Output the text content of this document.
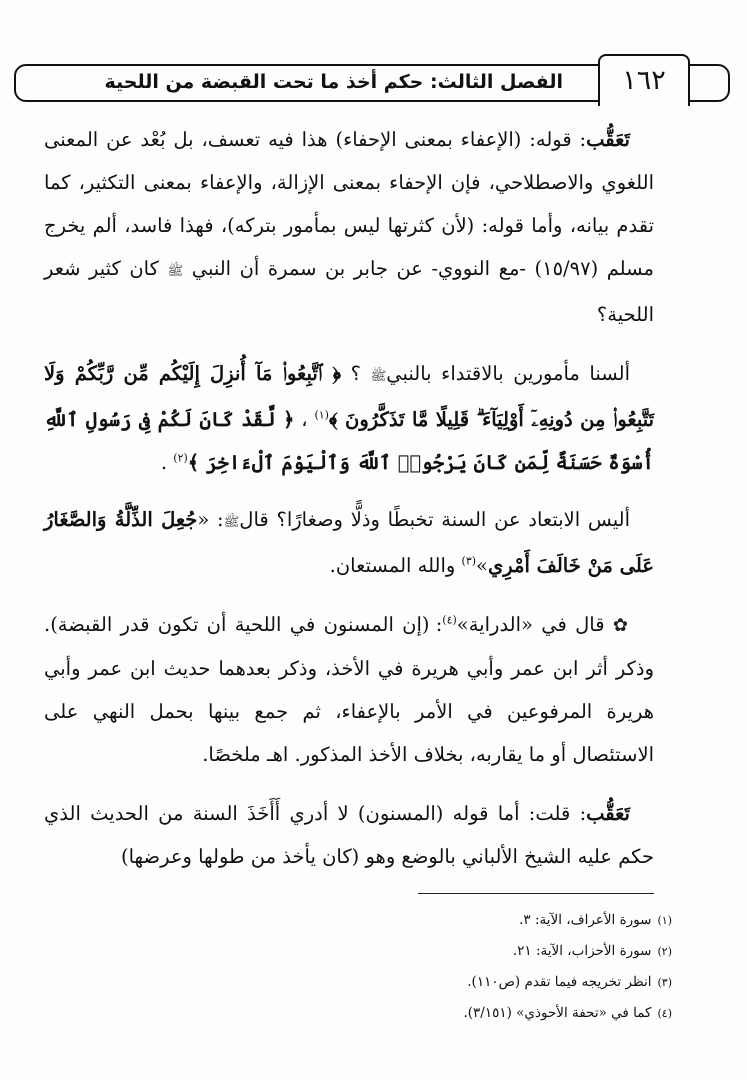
١٦٢
الفصل الثالث: حكم أخذ ما تحت القبضة من اللحية

تَعَقُّب: قوله: (الإعفاء بمعنى الإحفاء) هذا فيه تعسف، بل بُعْد عن المعنى اللغوي والاصطلاحي، فإن الإحفاء بمعنى الإزالة، والإعفاء بمعنى التكثير، كما تقدم بيانه، وأما قوله: (لأن كثرتها ليس بمأمور بتركه)، فهذا فاسد، ألم يخرج مسلم (١٥/٩٧) -مع النووي- عن جابر بن سمرة أن النبي ﷺ كان كثير شعر اللحية؟

ألسنا مأمورين بالاقتداء بالنبيﷺ ؟ ﴿ ٱتَّبِعُوا۟ مَآ أُنزِلَ إِلَيْكُم مِّن رَّبِّكُمْ وَلَا تَتَّبِعُوا۟ مِن دُونِهِۦٓ أَوْلِيَآءَ ۗ قَلِيلًا مَّا تَذَكَّرُونَ ﴾$^{(١)}$ ، ﴿ لَّقَدْ كَانَ لَكُمْ فِى رَسُولِ ٱللَّهِ أُسْوَةٌ حَسَنَةٌ لِّمَن كَانَ يَرْجُوا۟ ٱللَّهَ وَٱلْيَوْمَ ٱلْءَاخِرَ ﴾$^{(٢)}$ .

أليس الابتعاد عن السنة تخبطًا وذلًّا وصغارًا؟ قالﷺ: «جُعِلَ الذِّلَّةُ وَالصَّغَارُ عَلَى مَنْ خَالَفَ أَمْرِي»$^{(٣)}$ والله المستعان.

✿ قال في «الدراية»$^{(٤)}$: (إن المسنون في اللحية أن تكون قدر القبضة). وذكر أثر ابن عمر وأبي هريرة في الأخذ، وذكر بعدهما حديث ابن عمر وأبي هريرة المرفوعين في الأمر بالإعفاء، ثم جمع بينها بحمل النهي على الاستئصال أو ما يقاربه، بخلاف الأخذ المذكور. اهـ ملخصًا.

تَعَقُّب: قلت: أما قوله (المسنون) لا أدري أَأَخَذَ السنة من الحديث الذي حكم عليه الشيخ الألباني بالوضع وهو (كان يأخذ من طولها وعرضها)

(١)سورة الأعراف، الآية: ٣.

(٢)سورة الأحزاب، الآية: ٢١.

(٣)انظر تخريجه فيما تقدم (ص١١٠).

(٤)كما في «تحفة الأحوذي» (٣/١٥١).
